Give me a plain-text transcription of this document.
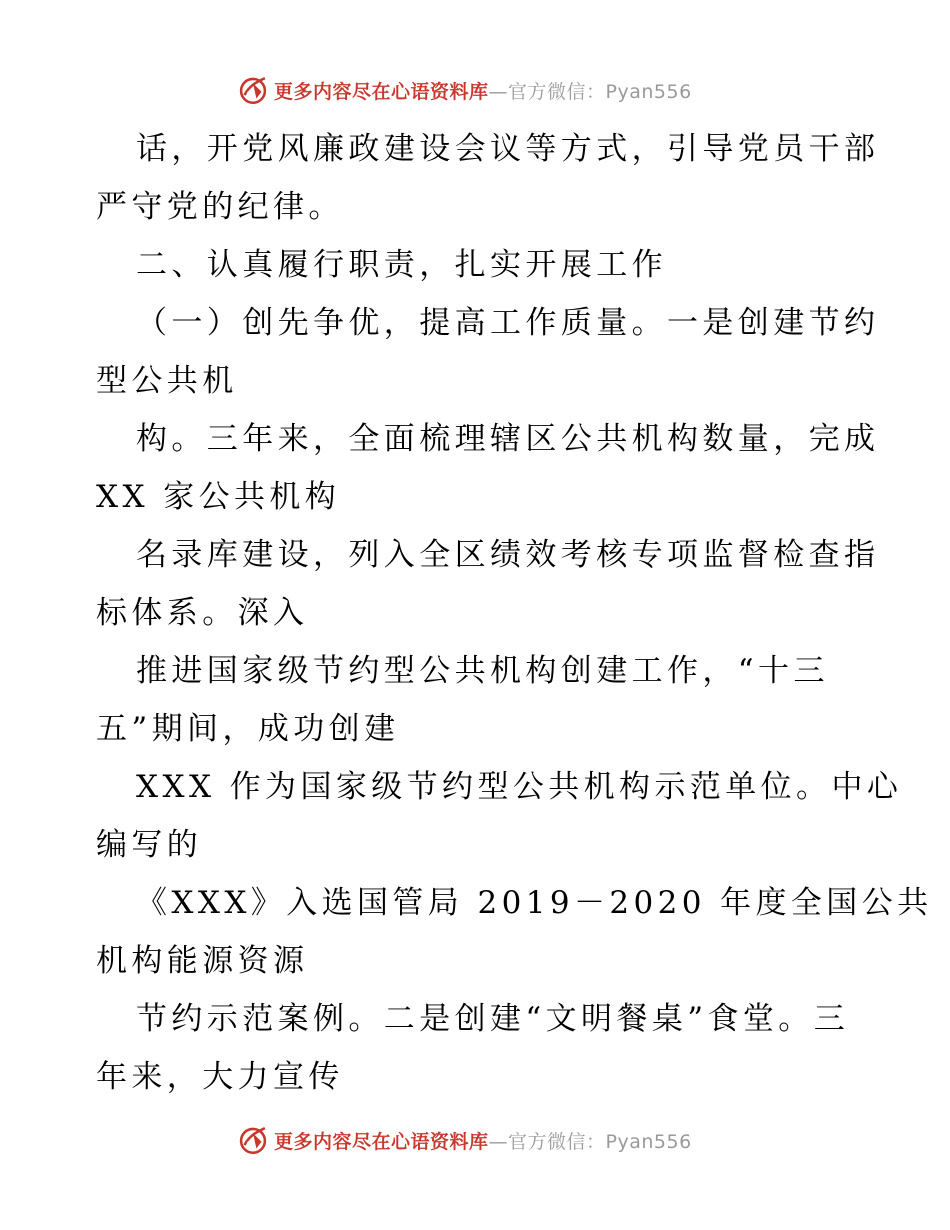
更多内容尽在心语资料库—官方微信：Pyan556

话，开党风廉政建设会议等方式，引导党员干部

严守党的纪律。

二、认真履行职责，扎实开展工作

（一）创先争优，提高工作质量。一是创建节约

型公共机

构。三年来，全面梳理辖区公共机构数量，完成

XX 家公共机构

名录库建设，列入全区绩效考核专项监督检查指

标体系。深入

推进国家级节约型公共机构创建工作，“十三

五”期间，成功创建

XXX 作为国家级节约型公共机构示范单位。中心

编写的

《XXX》入选国管局 2019－2020 年度全国公共

机构能源资源

节约示范案例。二是创建“文明餐桌”食堂。三

年来，大力宣传

更多内容尽在心语资料库—官方微信：Pyan556
